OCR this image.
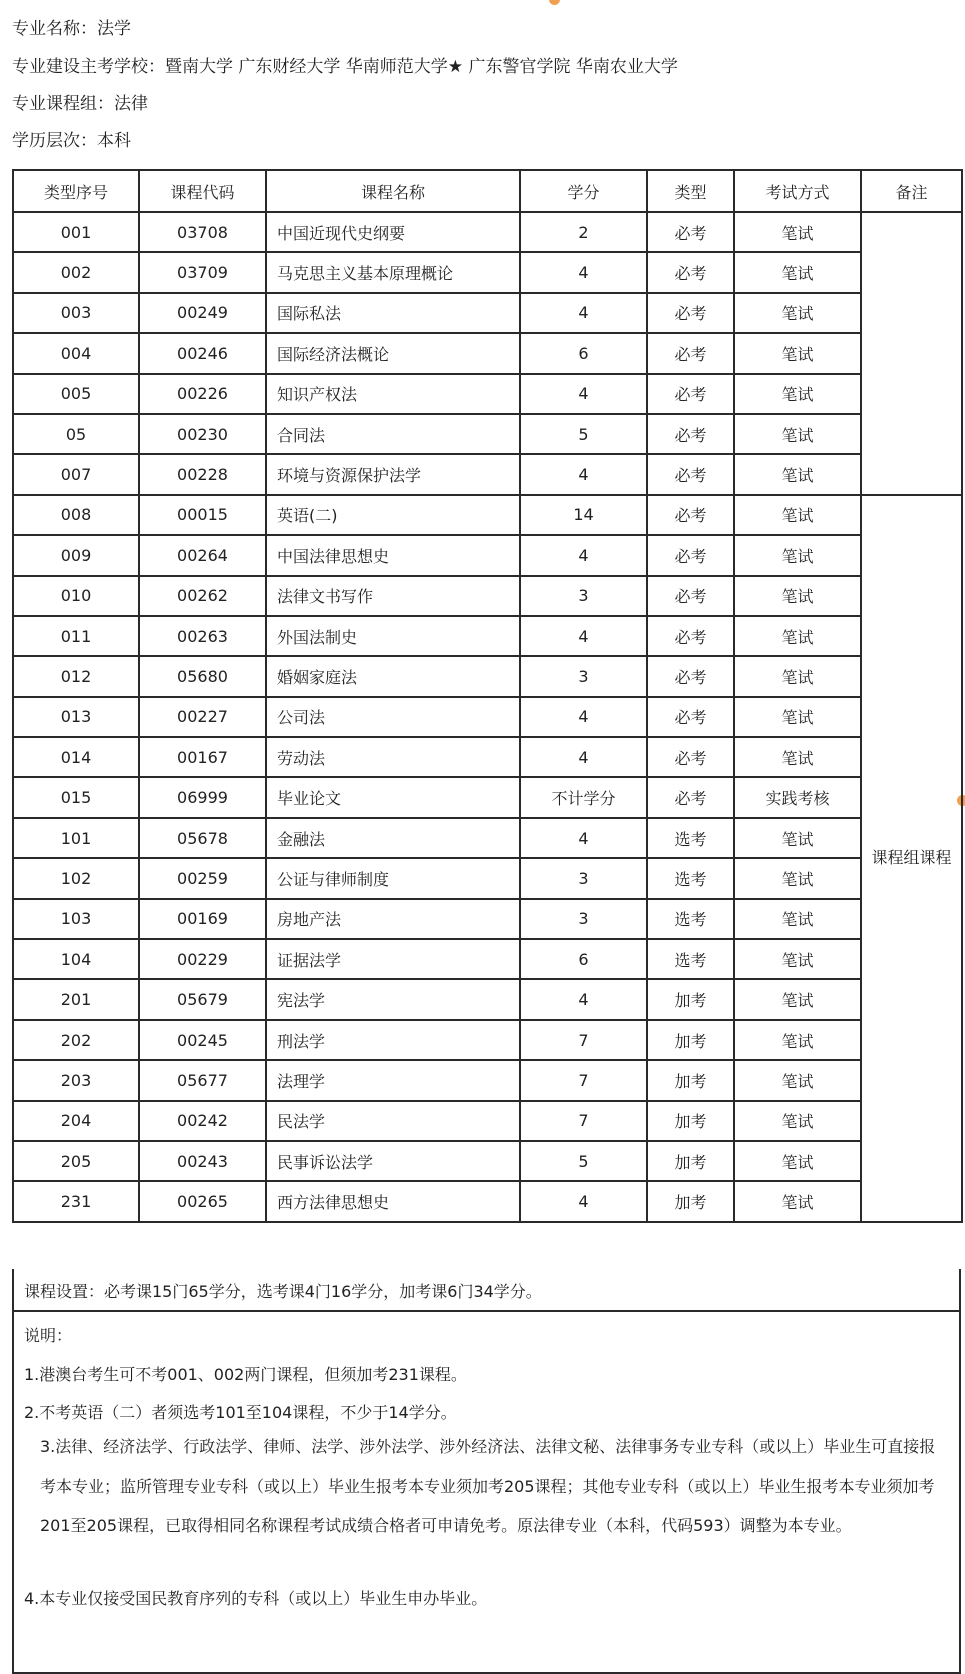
专业名称：法学
专业建设主考学校：暨南大学 广东财经大学 华南师范大学★ 广东警官学院 华南农业大学
专业课程组：法律
学历层次：本科
类型序号	课程代码	课程名称	学分	类型	考试方式	备注
001	03708	中国近现代史纲要	2	必考	笔试	
002	03709	马克思主义基本原理概论	4	必考	笔试	
003	00249	国际私法	4	必考	笔试	
004	00246	国际经济法概论	6	必考	笔试	
005	00226	知识产权法	4	必考	笔试	
05	00230	合同法	5	必考	笔试	
007	00228	环境与资源保护法学	4	必考	笔试	
008	00015	英语(二)	14	必考	笔试	课程组课程

009	00264	中国法律思想史	4	必考	笔试	
010	00262	法律文书写作	3	必考	笔试	
011	00263	外国法制史	4	必考	笔试	
012	05680	婚姻家庭法	3	必考	笔试	
013	00227	公司法	4	必考	笔试	
014	00167	劳动法	4	必考	笔试	
015	06999	毕业论文	不计学分	必考	实践考核	
101	05678	金融法	4	选考	笔试	
102	00259	公证与律师制度	3	选考	笔试	
103	00169	房地产法	3	选考	笔试	
104	00229	证据法学	6	选考	笔试	
201	05679	宪法学	4	加考	笔试	
202	00245	刑法学	7	加考	笔试	
203	05677	法理学	7	加考	笔试	
204	00242	民法学	7	加考	笔试	
205	00243	民事诉讼法学	5	加考	笔试	
231	00265	西方法律思想史	4	加考	笔试	
课程设置：必考课15门65学分，选考课4门16学分，加考课6门34学分。
说明：
1.港澳台考生可不考001、002两门课程，但须加考231课程。
2.不考英语（二）者须选考101至104课程，不少于14学分。
3.法律、经济法学、行政法学、律师、法学、涉外法学、涉外经济法、法律文秘、法律事务专业专科（或以上）毕业生可直接报考本专业；监所管理专业专科（或以上）毕业生报考本专业须加考205课程；其他专业专科（或以上）毕业生报考本专业须加考201至205课程，已取得相同名称课程考试成绩合格者可申请免考。原法律专业（本科，代码593）调整为本专业。
4.本专业仅接受国民教育序列的专科（或以上）毕业生申办毕业。
